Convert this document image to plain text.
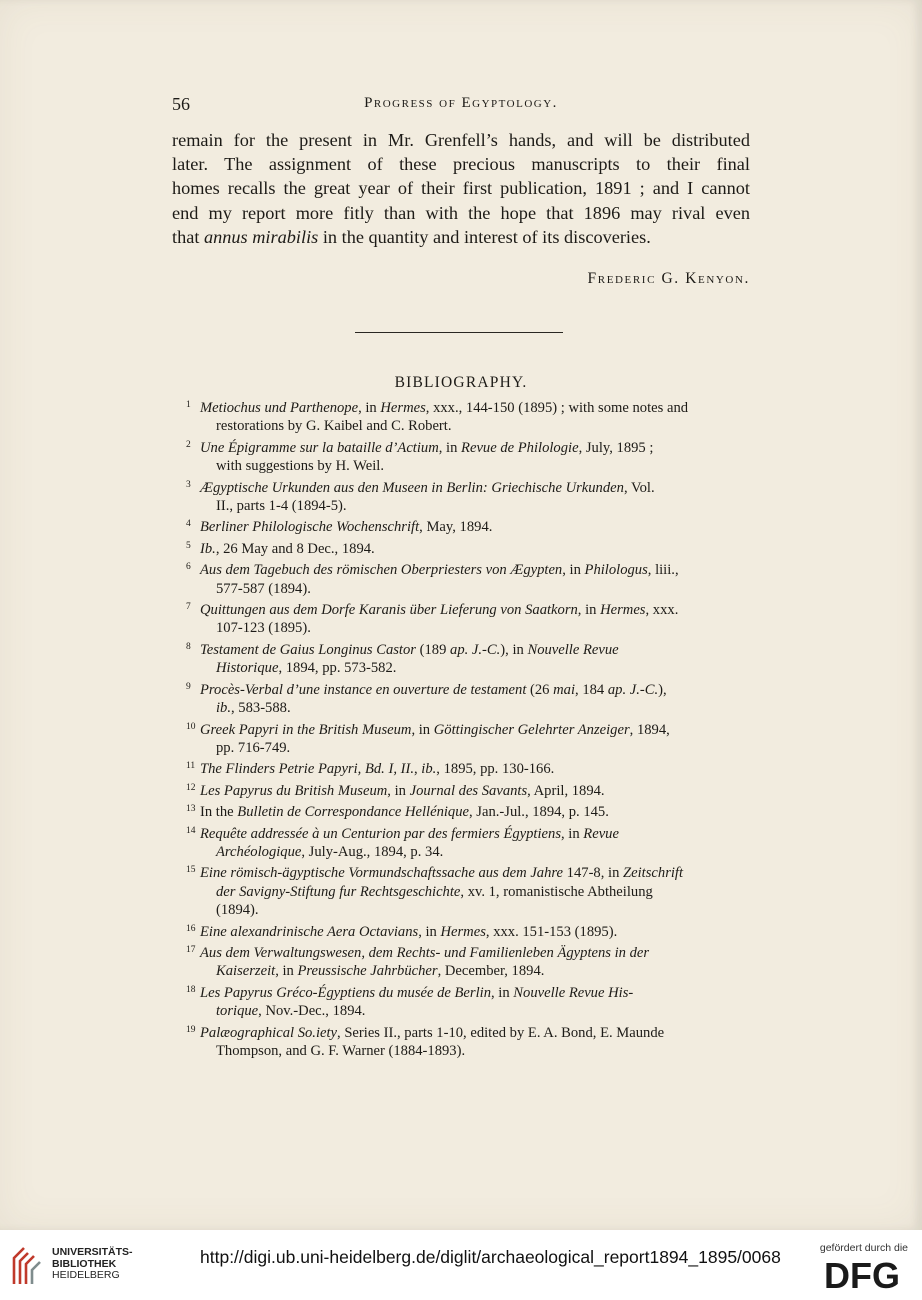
56	Progress of Egyptology.
remain for the present in Mr. Grenfell’s hands, and will be distributed
later. The assignment of these precious manuscripts to their final
homes recalls the great year of their first publication, 1891 ; and I cannot
end my report more fitly than with the hope that 1896 may rival even
that annus mirabilis in the quantity and interest of its discoveries.
Frederic G. Kenyon.
BIBLIOGRAPHY.
1 Metiochus und Parthenope, in Hermes, xxx., 144-150 (1895) ; with some notes and
restorations by G. Kaibel and C. Robert.
2 Une Épigramme sur la bataille d’Actium, in Revue de Philologie, July, 1895 ;
with suggestions by H. Weil.
3 Ægyptische Urkunden aus den Museen in Berlin: Griechische Urkunden, Vol.
II., parts 1-4 (1894-5).
4 Berliner Philologische Wochenschrift, May, 1894.
5 Ib., 26 May and 8 Dec., 1894.
6 Aus dem Tagebuch des römischen Oberpriesters von Ægypten, in Philologus, liii.,
577-587 (1894).
7 Quittungen aus dem Dorfe Karanis über Lieferung von Saatkorn, in Hermes, xxx.
107-123 (1895).
8 Testament de Gaius Longinus Castor (189 ap. J.-C.), in Nouvelle Revue
Historique, 1894, pp. 573-582.
9 Procès-Verbal d’une instance en ouverture de testament (26 mai, 184 ap. J.-C.),
ib., 583-588.
10 Greek Papyri in the British Museum, in Göttingischer Gelehrter Anzeiger, 1894,
pp. 716-749.
11 The Flinders Petrie Papyri, Bd. I, II., ib., 1895, pp. 130-166.
12 Les Papyrus du British Museum, in Journal des Savants, April, 1894.
13 In the Bulletin de Correspondance Hellénique, Jan.-Jul., 1894, p. 145.
14 Requête addressée à un Centurion par des fermiers Égyptiens, in Revue
Archéologique, July-Aug., 1894, p. 34.
15 Eine römisch-ägyptische Vormundschaftssache aus dem Jahre 147-8, in Zeitschrift
der Savigny-Stiftung fur Rechtsgeschichte, xv. 1, romanistische Abtheilung
(1894).
16 Eine alexandrinische Aera Octavians, in Hermes, xxx. 151-153 (1895).
17 Aus dem Verwaltungswesen, dem Rechts- und Familienleben Ägyptens in der
Kaiserzeit, in Preussische Jahrbücher, December, 1894.
18 Les Papyrus Gréco-Égyptiens du musée de Berlin, in Nouvelle Revue His-
torique, Nov.-Dec., 1894.
19 Palæographical So.iety, Series II., parts 1-10, edited by E. A. Bond, E. Maunde
Thompson, and G. F. Warner (1884-1893).
UNIVERSITÄTS-
BIBLIOTHEK
HEIDELBERG
http://digi.ub.uni-heidelberg.de/diglit/archaeological_report1894_1895/0068	gefördert durch die
DFG
